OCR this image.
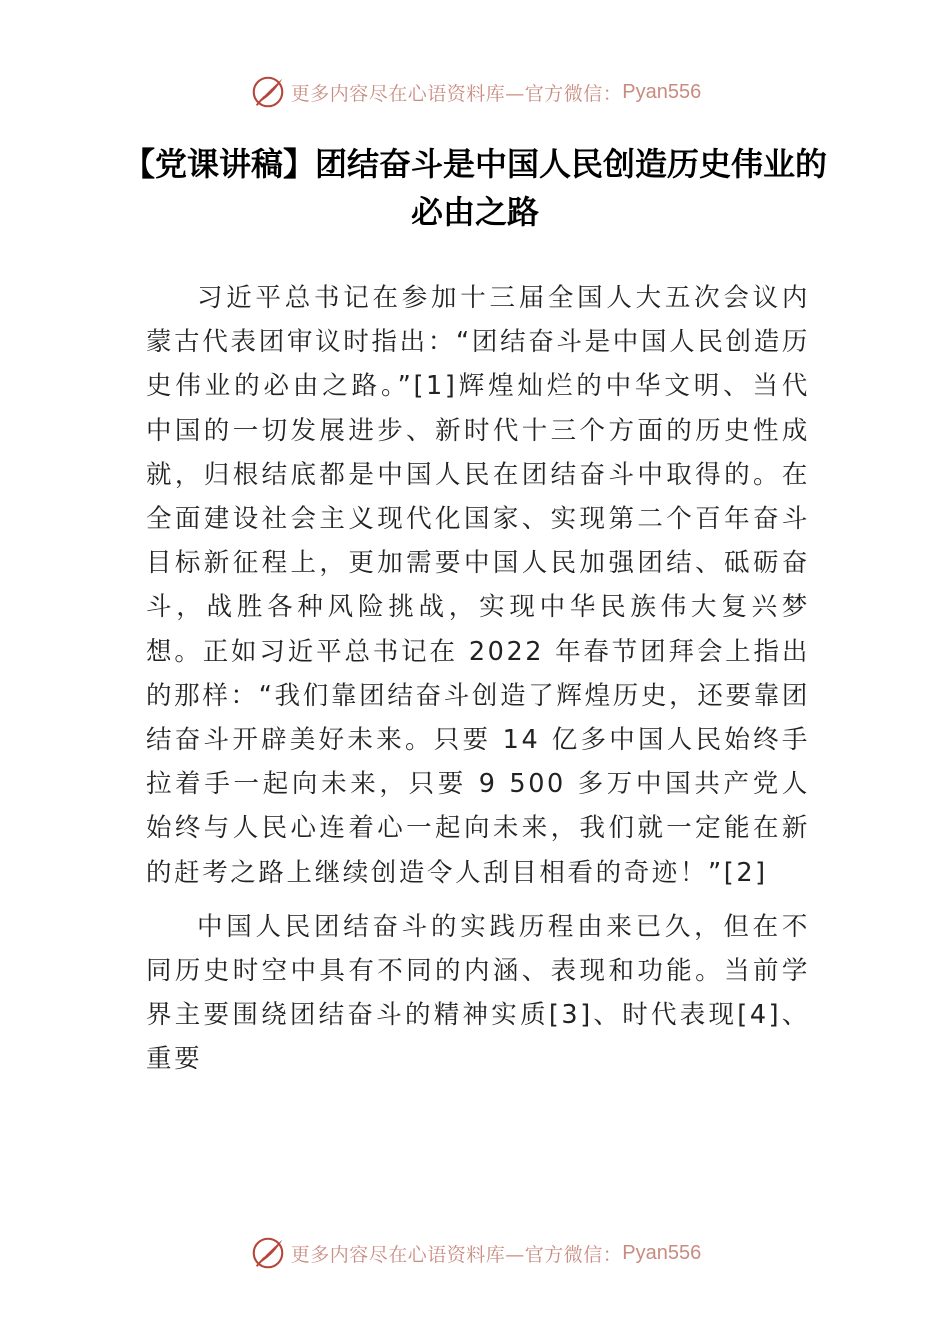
更多内容尽在心语资料库—官方微信： Pyan556
【党课讲稿】团结奋斗是中国人民创造历史伟业的必由之路

习近平总书记在参加十三届全国人大五次会议内蒙古代表团审议时指出：“团结奋斗是中国人民创造历史伟业的必由之路。”[1]辉煌灿烂的中华文明、当代中国的一切发展进步、新时代十三个方面的历史性成就，归根结底都是中国人民在团结奋斗中取得的。在全面建设社会主义现代化国家、实现第二个百年奋斗目标新征程上，更加需要中国人民加强团结、砥砺奋斗，战胜各种风险挑战，实现中华民族伟大复兴梦想。正如习近平总书记在 2022 年春节团拜会上指出的那样：“我们靠团结奋斗创造了辉煌历史，还要靠团结奋斗开辟美好未来。只要 14 亿多中国人民始终手拉着手一起向未来，只要 9 500 多万中国共产党人始终与人民心连着心一起向未来，我们就一定能在新的赶考之路上继续创造令人刮目相看的奇迹！”[2]

中国人民团结奋斗的实践历程由来已久，但在不同历史时空中具有不同的内涵、表现和功能。当前学界主要围绕团结奋斗的精神实质[3]、时代表现[4]、重要

更多内容尽在心语资料库—官方微信： Pyan556
